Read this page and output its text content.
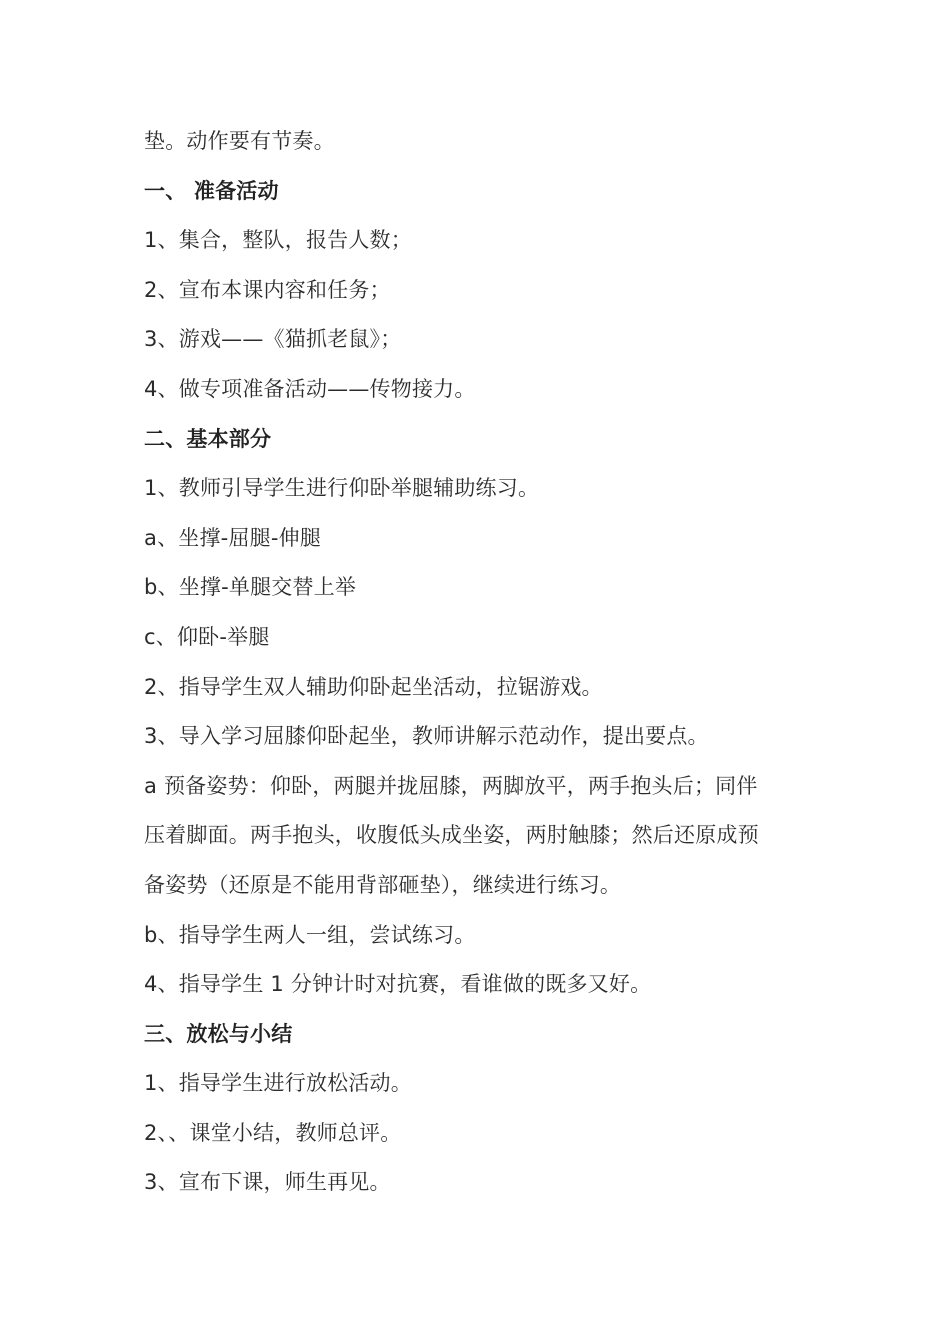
垫。动作要有节奏。
一、 准备活动
1、集合，整队，报告人数；
2、宣布本课内容和任务；
3、游戏——《猫抓老鼠》；
4、做专项准备活动——传物接力。
二、基本部分
1、教师引导学生进行仰卧举腿辅助练习。
a、坐撑-屈腿-伸腿
b、坐撑-单腿交替上举
c、仰卧-举腿
2、指导学生双人辅助仰卧起坐活动，拉锯游戏。
3、导入学习屈膝仰卧起坐，教师讲解示范动作，提出要点。
a 预备姿势：仰卧，两腿并拢屈膝，两脚放平，两手抱头后；同伴
压着脚面。两手抱头，收腹低头成坐姿，两肘触膝；然后还原成预
备姿势（还原是不能用背部砸垫），继续进行练习。
b、指导学生两人一组，尝试练习。
4、指导学生 1 分钟计时对抗赛，看谁做的既多又好。
三、放松与小结
1、指导学生进行放松活动。
2、、课堂小结，教师总评。
3、宣布下课，师生再见。
